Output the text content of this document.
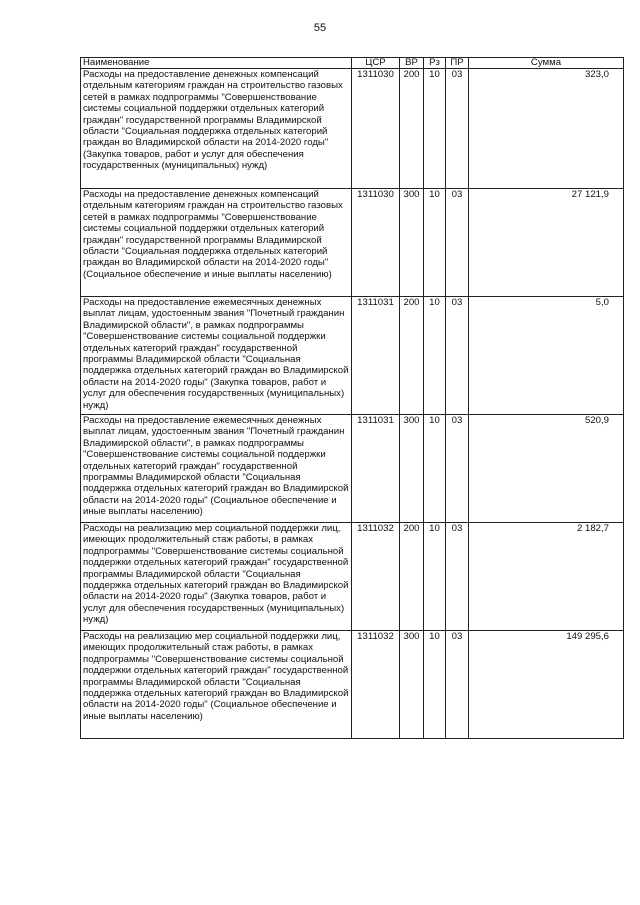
55
Наименование	ЦСР	ВР	Рз	ПР	Сумма
Расходы на предоставление денежных компенсаций отдельным категориям граждан на строительство газовых сетей в рамках подпрограммы "Совершенствование системы социальной поддержки отдельных категорий граждан" государственной программы Владимирской области "Социальная поддержка отдельных категорий граждан во Владимирской области на 2014-2020 годы" (Закупка товаров, работ и услуг для обеспечения государственных (муниципальных) нужд)	1311030	200	10	03	323,0
Расходы на предоставление денежных компенсаций отдельным категориям граждан на строительство газовых сетей в рамках подпрограммы "Совершенствование системы социальной поддержки отдельных категорий граждан" государственной программы Владимирской области "Социальная поддержка отдельных категорий граждан во Владимирской области на 2014-2020 годы" (Социальное обеспечение и иные выплаты населению)	1311030	300	10	03	27 121,9
Расходы на предоставление ежемесячных денежных выплат лицам, удостоенным звания "Почетный гражданин Владимирской области", в рамках подпрограммы "Совершенствование системы социальной поддержки отдельных категорий граждан" государственной программы Владимирской области "Социальная поддержка отдельных категорий граждан во Владимирской области на 2014-2020 годы" (Закупка товаров, работ и услуг для обеспечения государственных (муниципальных) нужд)	1311031	200	10	03	5,0
Расходы на предоставление ежемесячных денежных выплат лицам, удостоенным звания "Почетный гражданин Владимирской области", в рамках подпрограммы "Совершенствование системы социальной поддержки отдельных категорий граждан" государственной программы Владимирской области "Социальная поддержка отдельных категорий граждан во Владимирской области на 2014-2020 годы" (Социальное обеспечение и иные выплаты населению)	1311031	300	10	03	520,9
Расходы на реализацию мер социальной поддержки лиц, имеющих продолжительный стаж работы, в рамках подпрограммы "Совершенствование системы социальной поддержки отдельных категорий граждан" государственной программы Владимирской области "Социальная поддержка отдельных категорий граждан во Владимирской области на 2014-2020 годы" (Закупка товаров, работ и услуг для обеспечения государственных (муниципальных) нужд)	1311032	200	10	03	2 182,7
Расходы на реализацию мер социальной поддержки лиц, имеющих продолжительный стаж работы, в рамках подпрограммы "Совершенствование системы социальной поддержки отдельных категорий граждан" государственной программы Владимирской области "Социальная поддержка отдельных категорий граждан во Владимирской области на 2014-2020 годы" (Социальное обеспечение и иные выплаты населению)	1311032	300	10	03	149 295,6
